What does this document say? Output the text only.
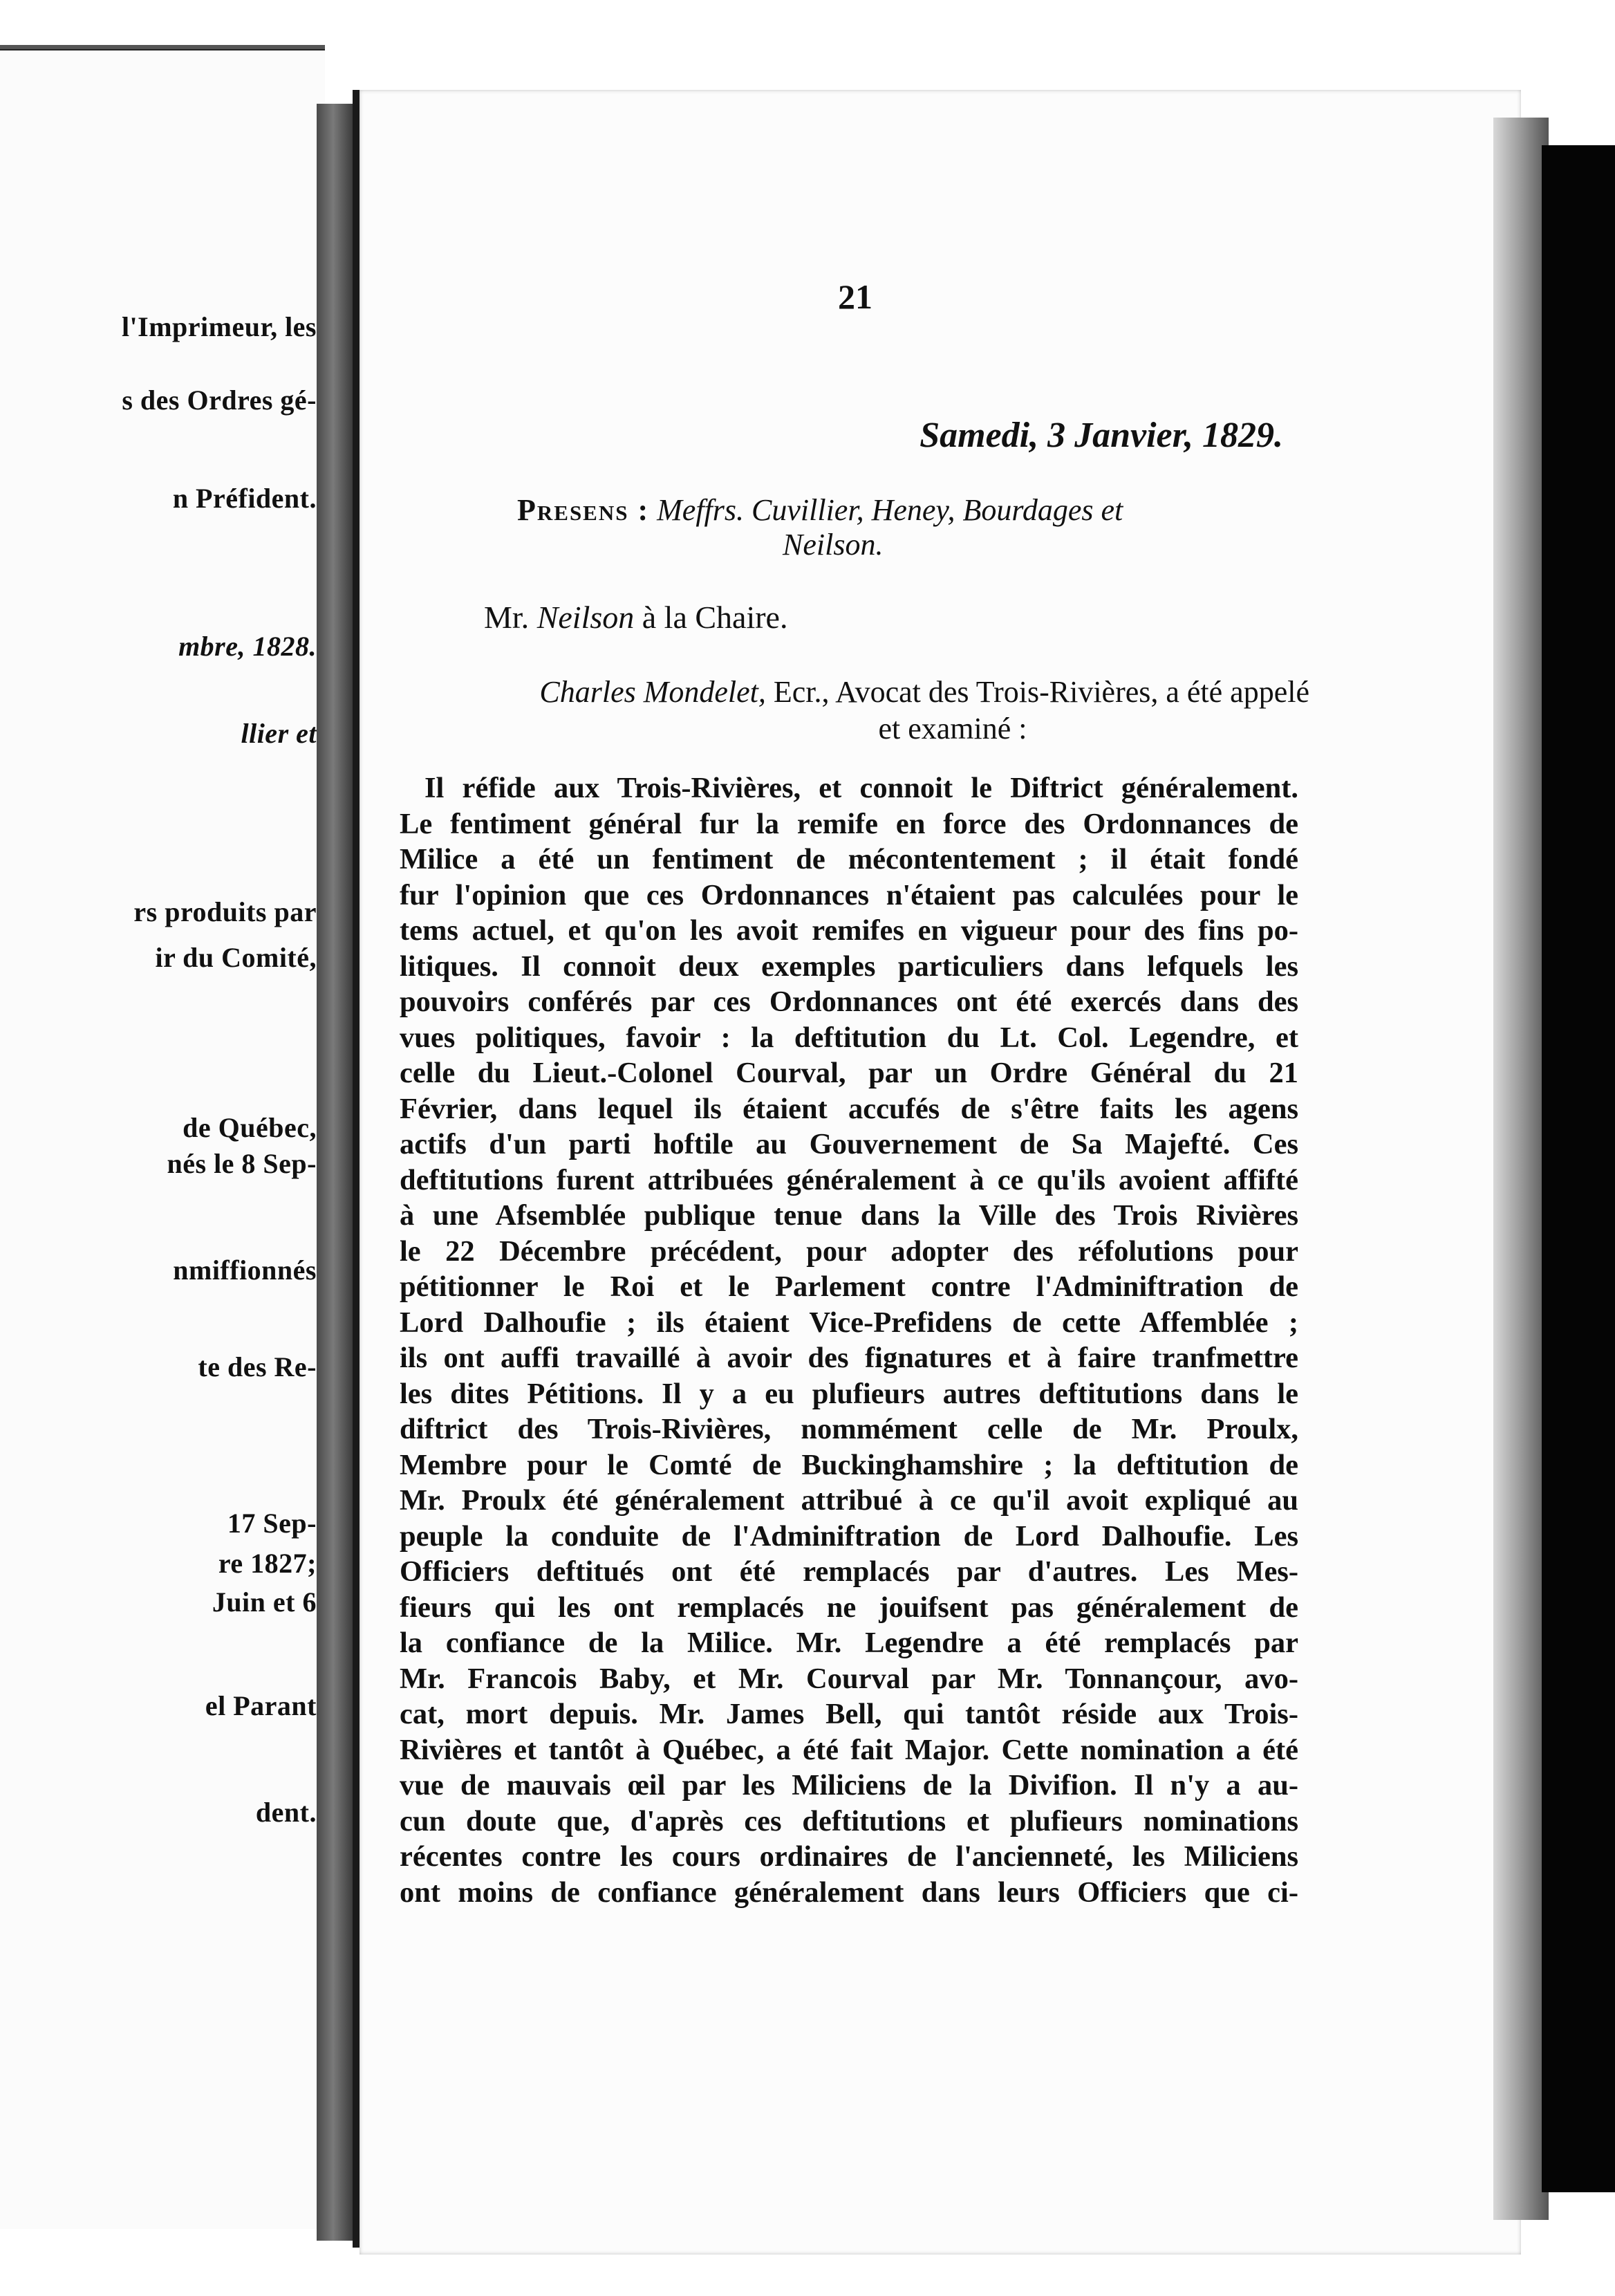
l'Imprimeur, les
s des Ordres gé-
n Préfident.
mbre, 1828.
llier et
rs produits par
ir du Comité,
de Québec,
nés le 8 Sep-
nmiffionnés
te des Re-
17 Sep-
re 1827;
Juin et 6
el Parant
dent.
21
Samedi, 3 Janvier, 1829.
Presens : Meffrs. Cuvillier, Heney, Bourdages et
Neilson.
Mr. Neilson à la Chaire.
Charles Mondelet, Ecr., Avocat des Trois-Rivières, a été appelé
et examiné :
Il réfide aux Trois-Rivières, et connoit le Diftrict généralement.
Le fentiment général fur la remife en force des Ordonnances de
Milice a été un fentiment de mécontentement ; il était fondé
fur l'opinion que ces Ordonnances n'étaient pas calculées pour le
tems actuel, et qu'on les avoit remifes en vigueur pour des fins po-
litiques. Il connoit deux exemples particuliers dans lefquels les
pouvoirs conférés par ces Ordonnances ont été exercés dans des
vues politiques, favoir : la deftitution du Lt. Col. Legendre, et
celle du Lieut.-Colonel Courval, par un Ordre Général du 21
Février, dans lequel ils étaient accufés de s'être faits les agens
actifs d'un parti hoftile au Gouvernement de Sa Majefté. Ces
deftitutions furent attribuées généralement à ce qu'ils avoient affifté
à une Afsemblée publique tenue dans la Ville des Trois Rivières
le 22 Décembre précédent, pour adopter des réfolutions pour
pétitionner le Roi et le Parlement contre l'Adminiftration de
Lord Dalhoufie ; ils étaient Vice-Prefidens de cette Affemblée ;
ils ont auffi travaillé à avoir des fignatures et à faire tranfmettre
les dites Pétitions. Il y a eu plufieurs autres deftitutions dans le
diftrict des Trois-Rivières, nommément celle de Mr. Proulx,
Membre pour le Comté de Buckinghamshire ; la deftitution de
Mr. Proulx été généralement attribué à ce qu'il avoit expliqué au
peuple la conduite de l'Adminiftration de Lord Dalhoufie. Les
Officiers deftitués ont été remplacés par d'autres. Les Mes-
fieurs qui les ont remplacés ne jouifsent pas généralement de
la confiance de la Milice. Mr. Legendre a été remplacés par
Mr. Francois Baby, et Mr. Courval par Mr. Tonnançour, avo-
cat, mort depuis. Mr. James Bell, qui tantôt réside aux Trois-
Rivières et tantôt à Québec, a été fait Major. Cette nomination a été
vue de mauvais œil par les Miliciens de la Divifion. Il n'y a au-
cun doute que, d'après ces deftitutions et plufieurs nominations
récentes contre les cours ordinaires de l'ancienneté, les Miliciens
ont moins de confiance généralement dans leurs Officiers que ci-
